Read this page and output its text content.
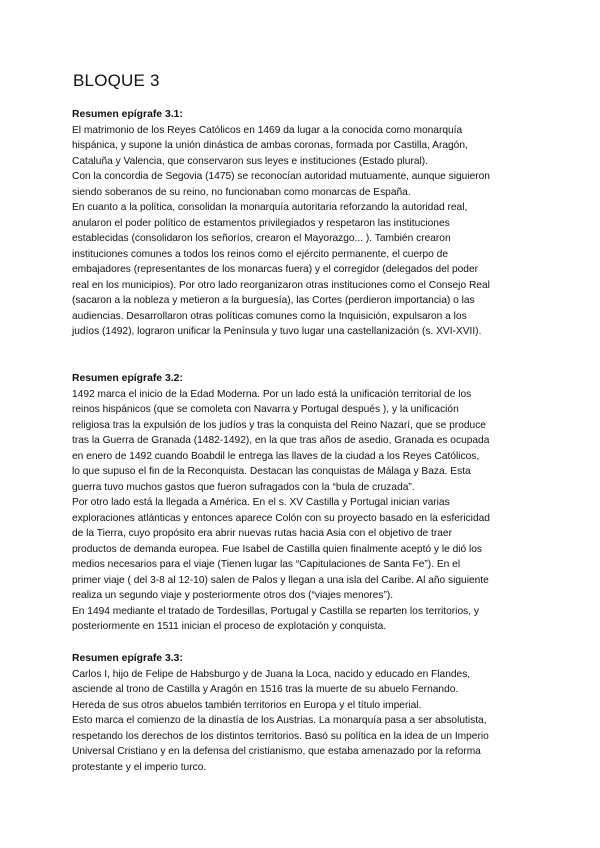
BLOQUE 3

Resumen epígrafe 3.1:

El matrimonio de los Reyes Católicos en 1469 da lugar a la conocida como monarquía
hispánica, y supone la unión dinástica de ambas coronas, formada por Castilla, Aragón,
Cataluña y Valencia, que conservaron sus leyes e instituciones (Estado plural).

Con la concordia de Segovia (1475) se reconocían autoridad mutuamente, aunque siguieron
siendo soberanos de su reino, no funcionaban como monarcas de España.

En cuanto a la política, consolidan la monarquía autoritaria reforzando la autoridad real,
anularon el poder político de estamentos privilegiados y respetaron las instituciones
establecidas (consolidaron los señoríos, crearon el Mayorazgo... ). También crearon
instituciones comunes a todos los reinos como el ejército permanente, el cuerpo de
embajadores (representantes de los monarcas fuera) y el corregidor (delegados del poder
real en los municipios). Por otro lado reorganizaron otras instituciones como el Consejo Real
(sacaron a la nobleza y metieron a la burguesía), las Cortes (perdieron importancia) o las
audiencias. Desarrollaron otras políticas comunes como la Inquisición, expulsaron a los
judíos (1492), lograron unificar la Península y tuvo lugar una castellanización (s. XVI-XVII).

Resumen epígrafe 3.2:

1492 marca el inicio de la Edad Moderna. Por un lado está la unificación territorial de los
reinos hispánicos (que se comoleta con Navarra y Portugal después ), y la unificación
religiosa tras la expulsión de los judíos y tras la conquista del Reino Nazarí, que se produce
tras la Guerra de Granada (1482-1492), en la que tras años de asedio, Granada es ocupada
en enero de 1492 cuando Boabdil le entrega las llaves de la ciudad a los Reyes Católicos,
lo que supuso el fin de la Reconquista. Destacan las conquistas de Málaga y Baza. Esta
guerra tuvo muchos gastos que fueron sufragados con la “bula de cruzada”.

Por otro lado está la llegada a América. En el s. XV Castilla y Portugal inician varias
exploraciones atlánticas y entonces aparece Colón con su proyecto basado en la esfericidad
de la Tierra, cuyo propósito era abrir nuevas rutas hacia Asia con el objetivo de traer
productos de demanda europea. Fue Isabel de Castilla quien finalmente aceptó y le dió los
medios necesarios para el viaje (Tienen lugar las “Capitulaciones de Santa Fe”). En el
primer viaje ( del 3-8 al 12-10) salen de Palos y llegan a una isla del Caribe. Al año siguiente
realiza un segundo viaje y posteriormente otros dos (“viajes menores”).

En 1494 mediante el tratado de Tordesillas, Portugal y Castilla se reparten los territorios, y
posteriormente en 1511 inician el proceso de explotación y conquista.

Resumen epígrafe 3.3:

Carlos I, hijo de Felipe de Habsburgo y de Juana la Loca, nacido y educado en Flandes,
asciende al trono de Castilla y Aragón en 1516 tras la muerte de su abuelo Fernando.
Hereda de sus otros abuelos también territorios en Europa y el título imperial.

Esto marca el comienzo de la dinastía de los Austrias. La monarquía pasa a ser absolutista,
respetando los derechos de los distintos territorios. Basó su política en la idea de un Imperio
Universal Cristiano y en la defensa del cristianismo, que estaba amenazado por la reforma
protestante y el imperio turco.
